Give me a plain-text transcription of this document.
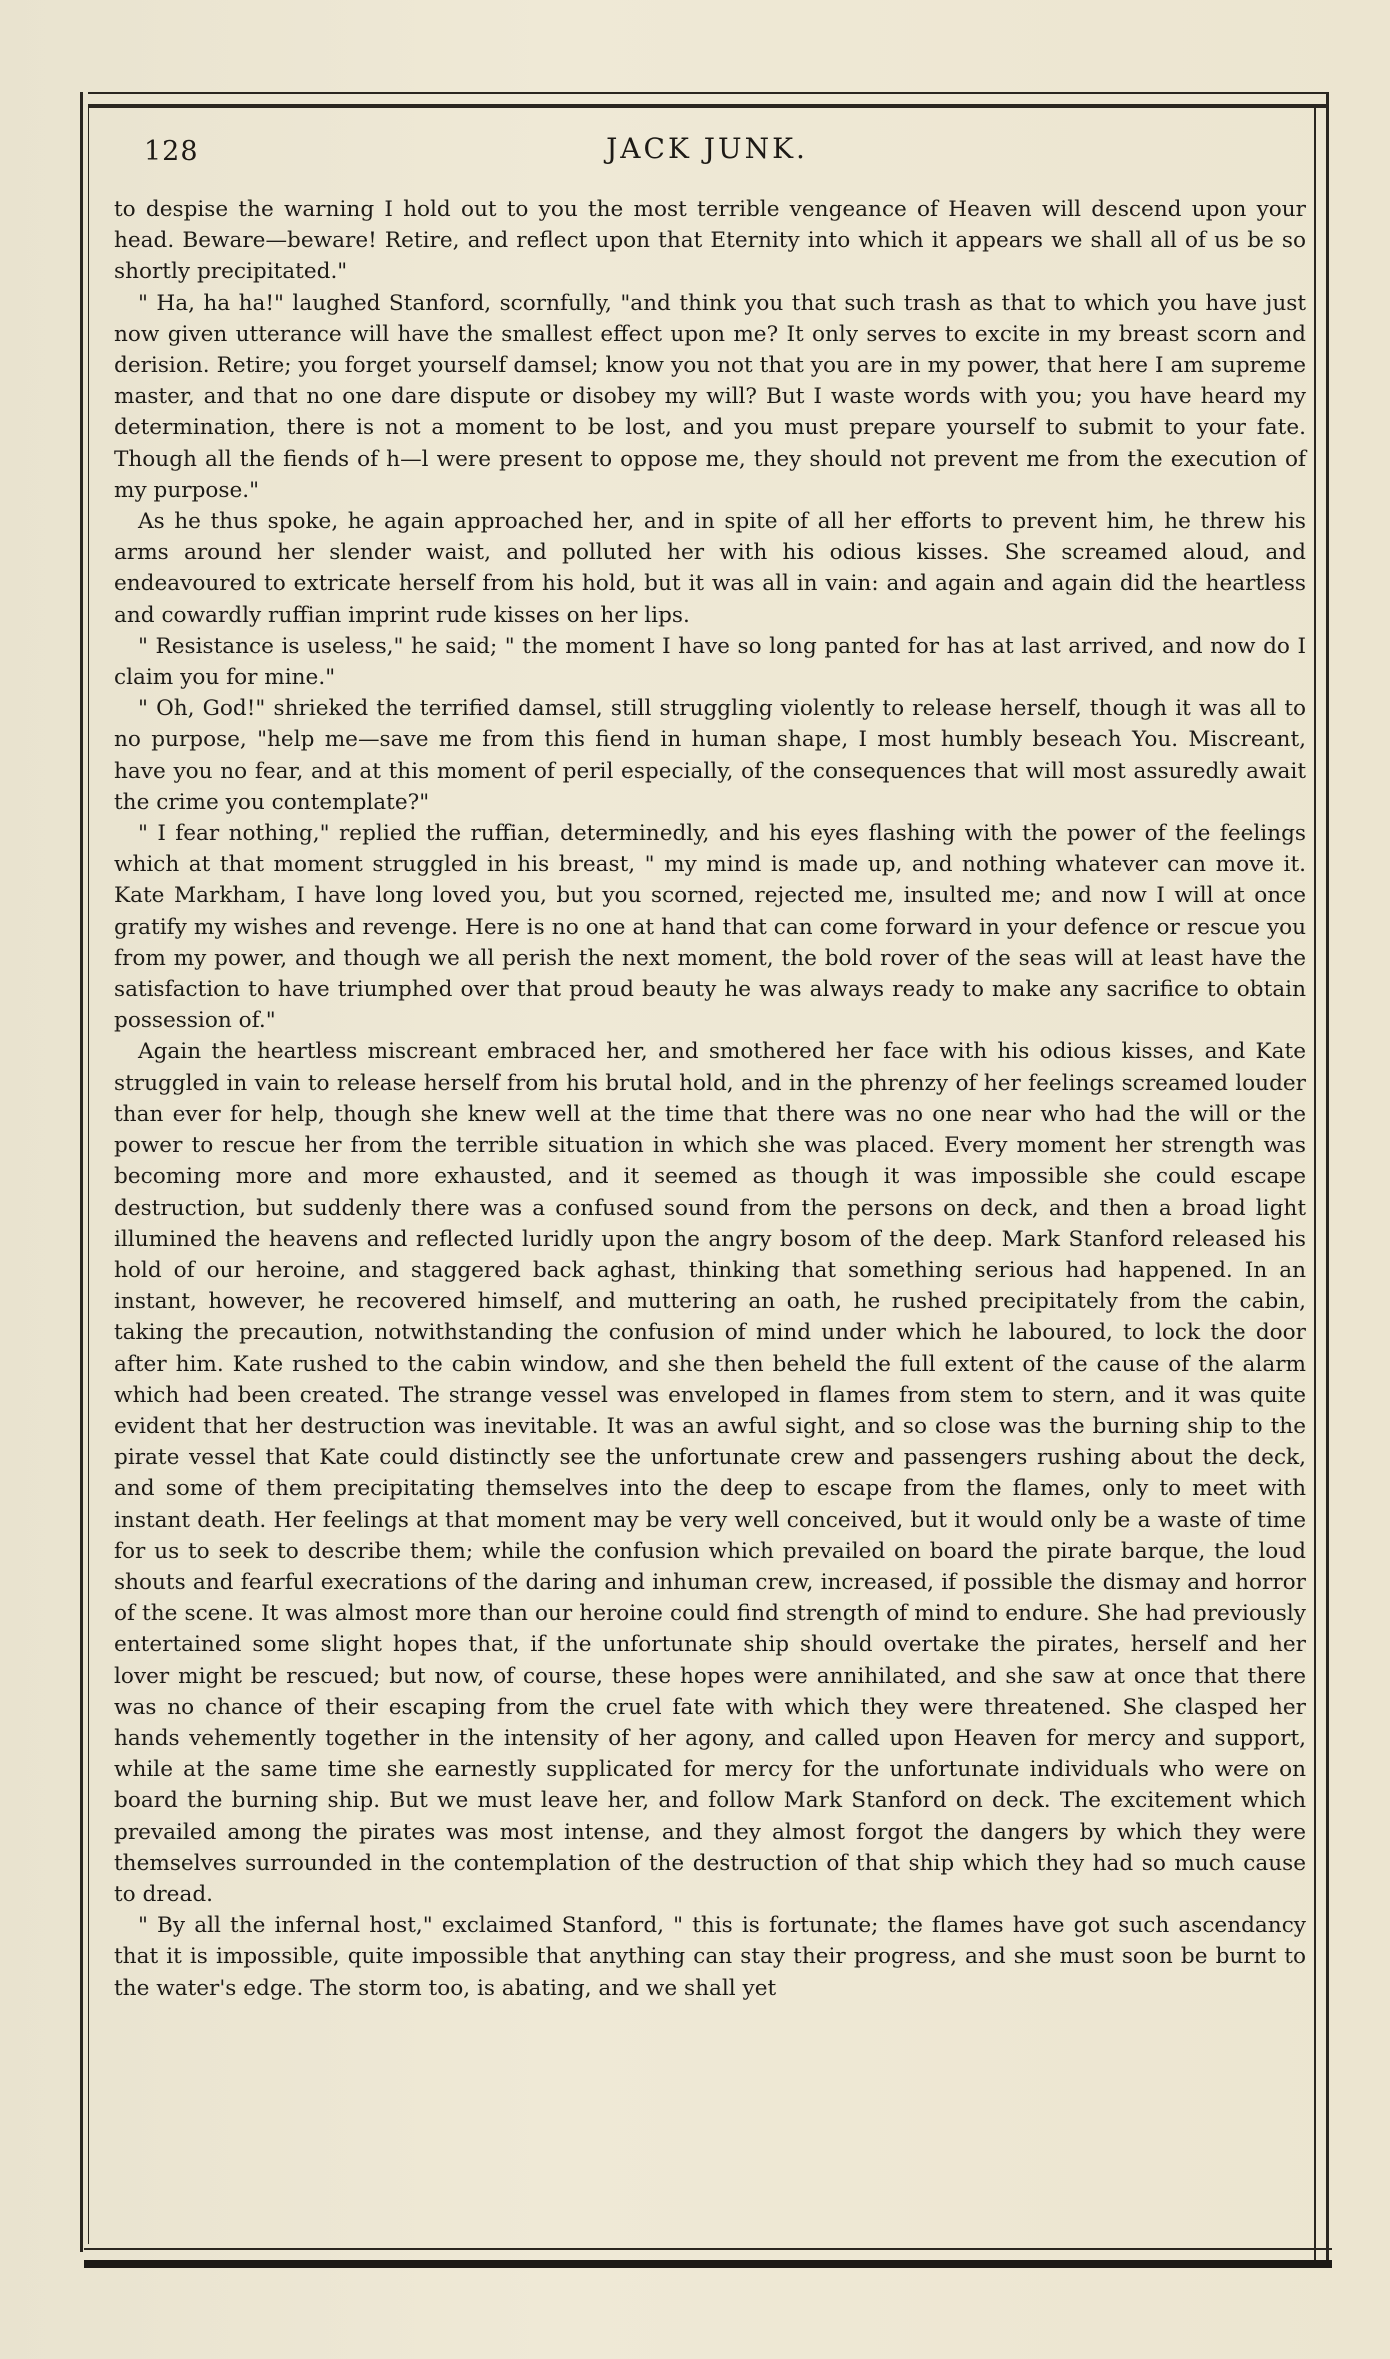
128	JACK JUNK.

to despise the warning I hold out to you the most terrible vengeance of Heaven will descend upon your head. Beware—beware! Retire, and reflect upon that Eternity into which it appears we shall all of us be so shortly precipitated."

" Ha, ha ha!" laughed Stanford, scornfully, "and think you that such trash as that to which you have just now given utterance will have the smallest effect upon me? It only serves to excite in my breast scorn and derision. Retire; you forget yourself damsel; know you not that you are in my power, that here I am supreme master, and that no one dare dispute or disobey my will? But I waste words with you; you have heard my determination, there is not a moment to be lost, and you must prepare yourself to submit to your fate. Though all the fiends of h—l were present to oppose me, they should not prevent me from the execution of my purpose."

As he thus spoke, he again approached her, and in spite of all her efforts to prevent him, he threw his arms around her slender waist, and polluted her with his odious kisses. She screamed aloud, and endeavoured to extricate herself from his hold, but it was all in vain: and again and again did the heartless and cowardly ruffian imprint rude kisses on her lips.

" Resistance is useless," he said; " the moment I have so long panted for has at last arrived, and now do I claim you for mine."

" Oh, God!" shrieked the terrified damsel, still struggling violently to release herself, though it was all to no purpose, "help me—save me from this fiend in human shape, I most humbly beseach You. Miscreant, have you no fear, and at this moment of peril especially, of the consequences that will most assuredly await the crime you contemplate?"

" I fear nothing," replied the ruffian, determinedly, and his eyes flashing with the power of the feelings which at that moment struggled in his breast, " my mind is made up, and nothing whatever can move it. Kate Markham, I have long loved you, but you scorned, rejected me, insulted me; and now I will at once gratify my wishes and revenge. Here is no one at hand that can come forward in your defence or rescue you from my power, and though we all perish the next moment, the bold rover of the seas will at least have the satisfaction to have triumphed over that proud beauty he was always ready to make any sacrifice to obtain possession of."

Again the heartless miscreant embraced her, and smothered her face with his odious kisses, and Kate struggled in vain to release herself from his brutal hold, and in the phrenzy of her feelings screamed louder than ever for help, though she knew well at the time that there was no one near who had the will or the power to rescue her from the terrible situation in which she was placed. Every moment her strength was becoming more and more exhausted, and it seemed as though it was impossible she could escape destruction, but suddenly there was a confused sound from the persons on deck, and then a broad light illumined the heavens and reflected luridly upon the angry bosom of the deep. Mark Stanford released his hold of our heroine, and staggered back aghast, thinking that something serious had happened. In an instant, however, he recovered himself, and muttering an oath, he rushed precipitately from the cabin, taking the precaution, notwithstanding the confusion of mind under which he laboured, to lock the door after him. Kate rushed to the cabin window, and she then beheld the full extent of the cause of the alarm which had been created. The strange vessel was enveloped in flames from stem to stern, and it was quite evident that her destruction was inevitable. It was an awful sight, and so close was the burning ship to the pirate vessel that Kate could distinctly see the unfortunate crew and passengers rushing about the deck, and some of them precipitating themselves into the deep to escape from the flames, only to meet with instant death. Her feelings at that moment may be very well conceived, but it would only be a waste of time for us to seek to describe them; while the confusion which prevailed on board the pirate barque, the loud shouts and fearful execrations of the daring and inhuman crew, increased, if possible the dismay and horror of the scene. It was almost more than our heroine could find strength of mind to endure. She had previously entertained some slight hopes that, if the unfortunate ship should overtake the pirates, herself and her lover might be rescued; but now, of course, these hopes were annihilated, and she saw at once that there was no chance of their escaping from the cruel fate with which they were threatened. She clasped her hands vehemently together in the intensity of her agony, and called upon Heaven for mercy and support, while at the same time she earnestly supplicated for mercy for the unfortunate individuals who were on board the burning ship. But we must leave her, and follow Mark Stanford on deck. The excitement which prevailed among the pirates was most intense, and they almost forgot the dangers by which they were themselves surrounded in the contemplation of the destruction of that ship which they had so much cause to dread.

" By all the infernal host," exclaimed Stanford, " this is fortunate; the flames have got such ascendancy that it is impossible, quite impossible that anything can stay their progress, and she must soon be burnt to the water's edge. The storm too, is abating, and we shall yet
